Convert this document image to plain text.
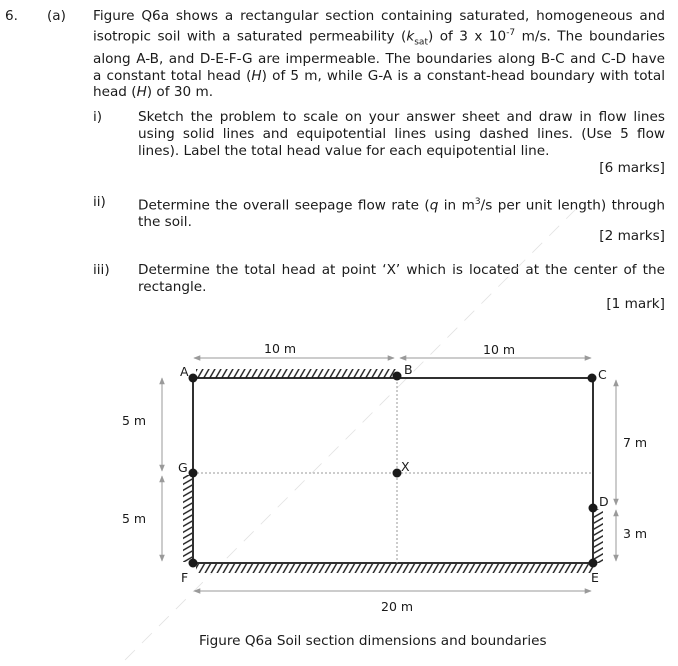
6. (a) Figure Q6a shows a rectangular section containing saturated, homogeneous and
isotropic soil with a saturated permeability $(k_{sat})$ of 3 x $10^{-7}$ m/s. The boundaries
along A-B, and D-E-F-G are impermeable. The boundaries along B-C and C-D have
a constant total head (H) of 5 m, while G-A is a constant-head boundary with total
head (H) of 30 m.
i)	Sketch the problem to scale on your answer sheet and draw in flow lines
using solid lines and equipotential lines using dashed lines. (Use 5 flow
lines). Label the total head value for each equipotential line.
[6 marks]
ii) Determine the overall seepage flow rate (q in $m^3/s$ per unit length) through
the soil.
[2 marks]
iii) Determine the total head at point ‘X’ which is located at the center of the
rectangle.
[1 mark]
A	B	C
D
E
F
G	X
10 m	10 m
5 m
5 m
7 m
3 m
20 m
Figure Q6a Soil section dimensions and boundaries
